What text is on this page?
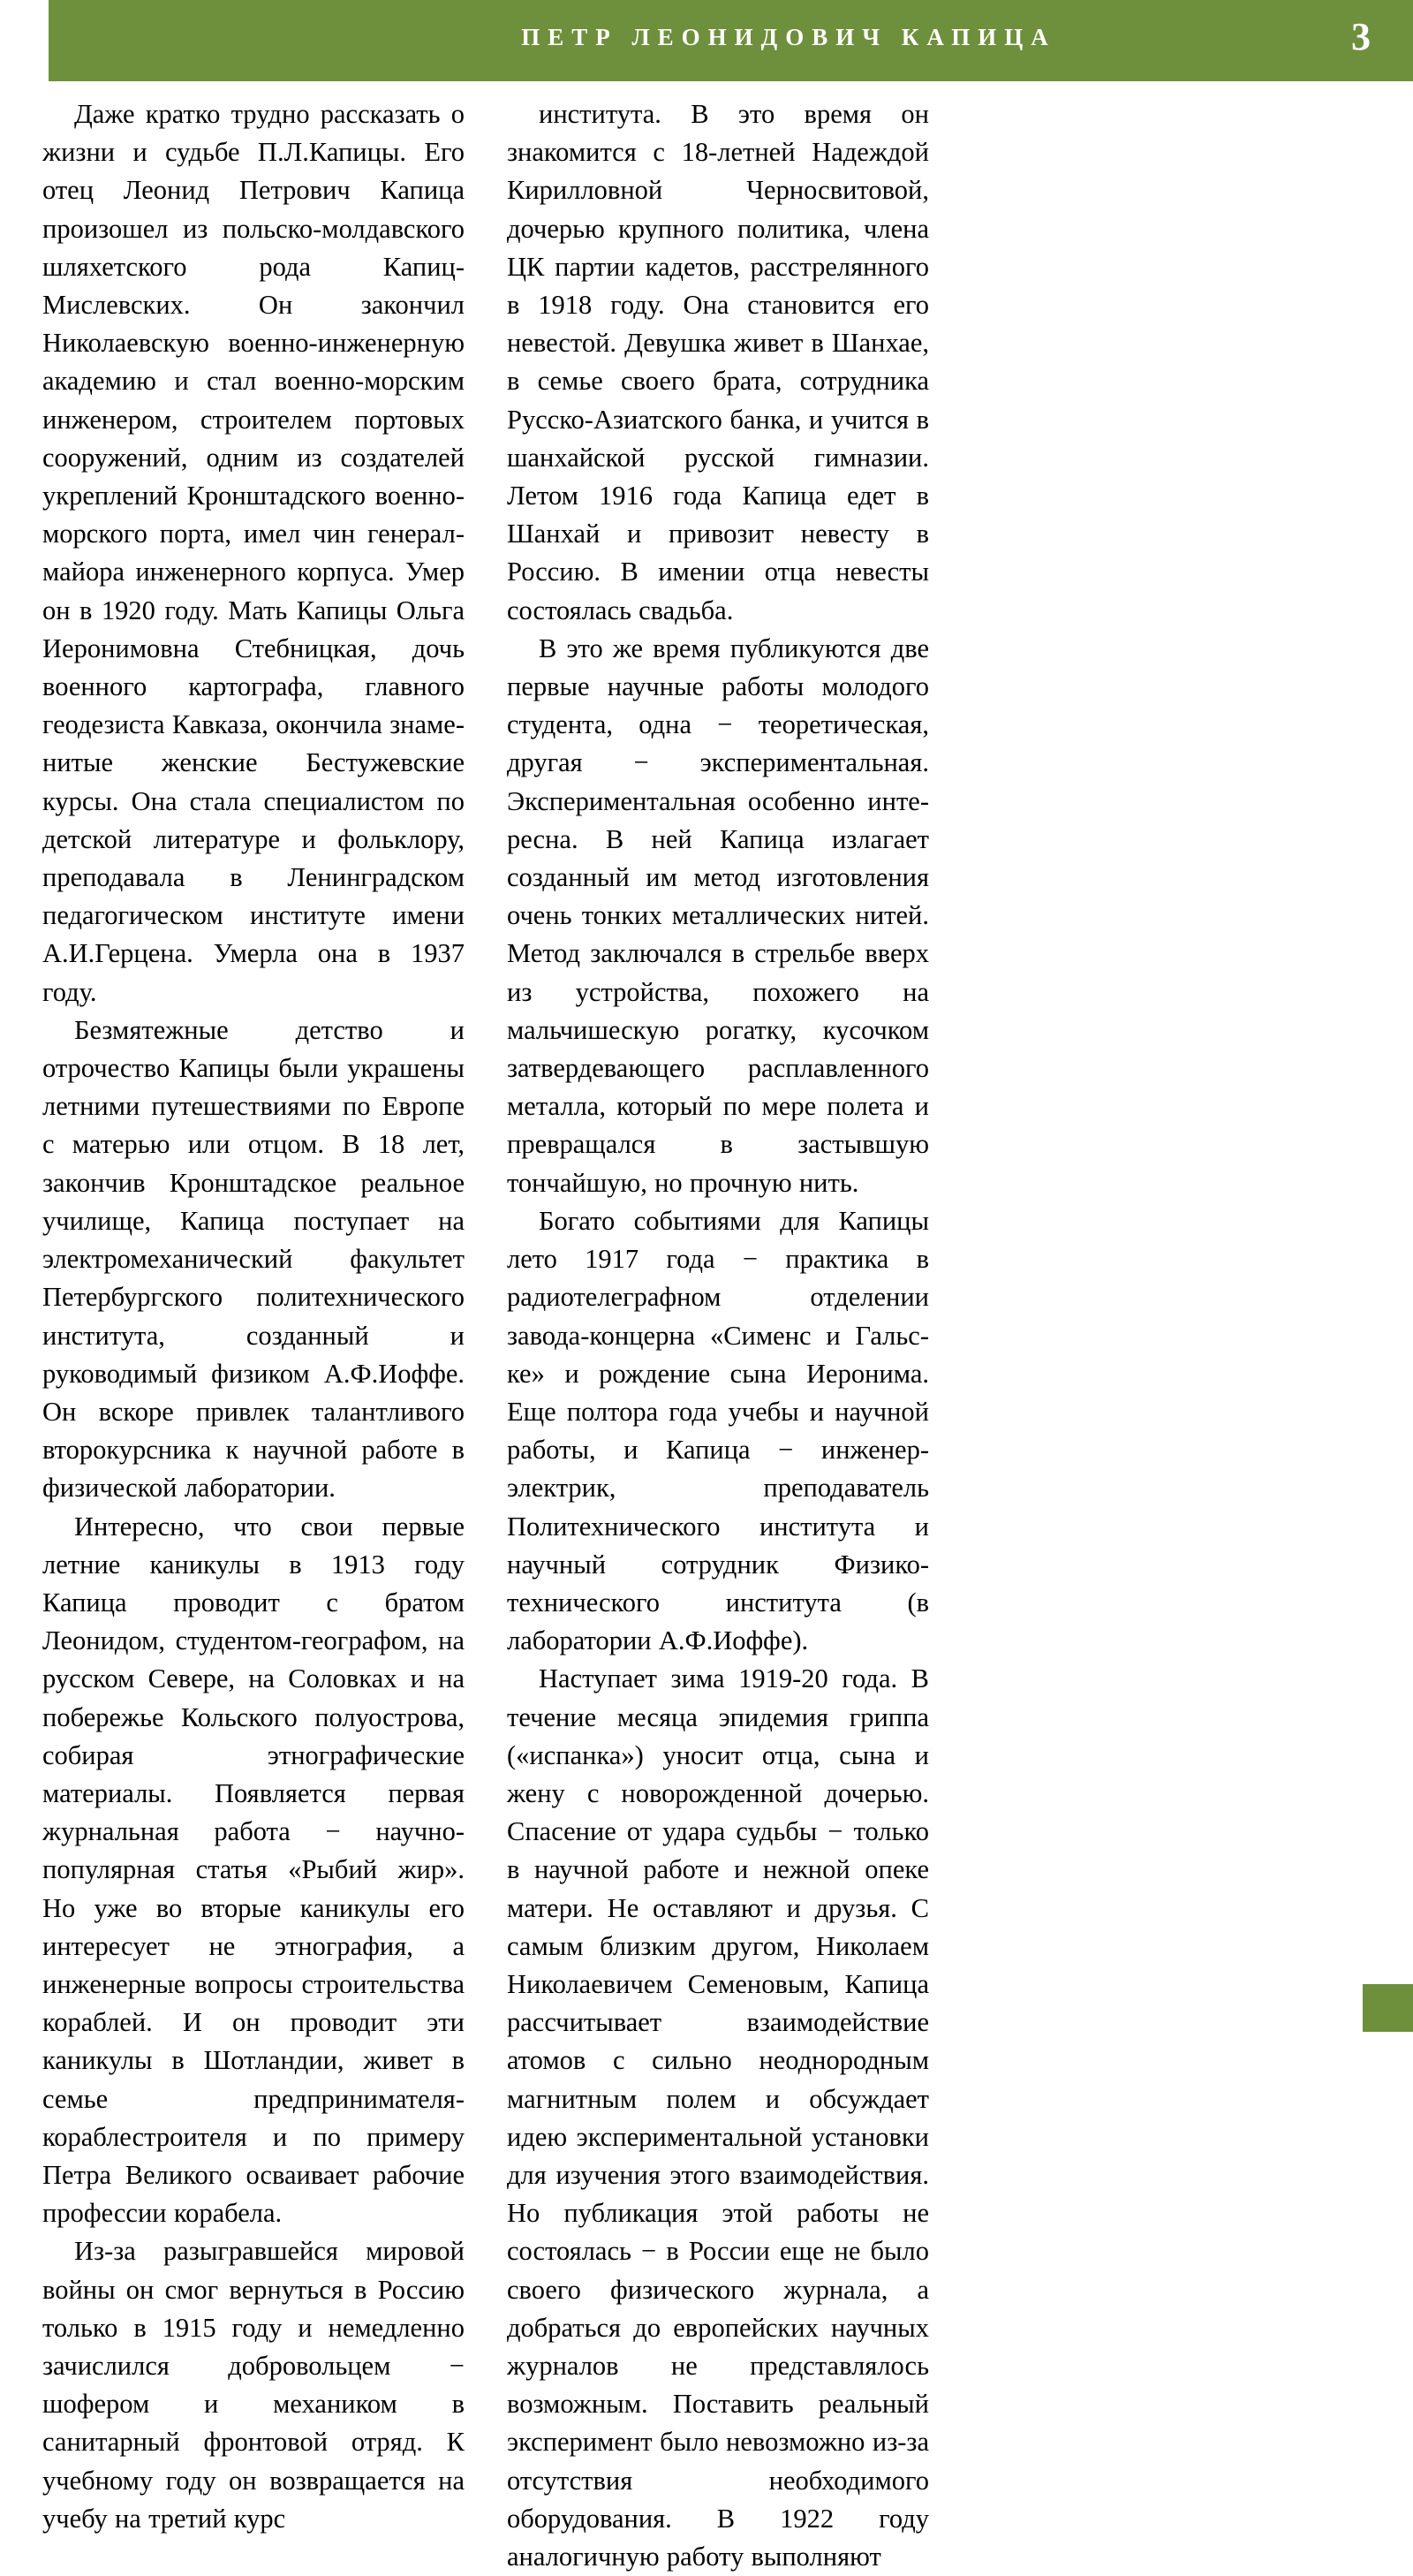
ПЕТР ЛЕОНИДОВИЧ КАПИЦА	3

Даже кратко трудно рассказать о жизни и судьбе П.Л.Капицы. Его отец Леонид Петрович Капица произошел из польско-молдавского шляхетского рода Капиц-Мислевских. Он закончил Николаевскую военно-инженерную академию и стал военно-морским инженером, строителем портовых сооружений, одним из создателей укреплений Кронштадского военно-морского порта, имел чин генерал-майора инженерного корпуса. Умер он в 1920 году. Мать Капицы Ольга Иеронимовна Стебницкая, дочь военного картографа, главного геодезиста Кавказа, окончила знаменитые женские Бестужевские курсы. Она стала специалистом по детской литературе и фольклору, преподавала в Ленинградском педагогическом институте имени А.И.Герцена. Умерла она в 1937 году.

Безмятежные детство и отрочество Капицы были украшены летними путешествиями по Европе с матерью или отцом. В 18 лет, закончив Кронштадское реальное училище, Капица поступает на электромеханический факультет Петербургского политехнического института, созданный и руководимый физиком А.Ф.Иоффе. Он вскоре привлек талантливого второкурсника к научной работе в физической лаборатории.

Интересно, что свои первые летние каникулы в 1913 году Капица проводит с братом Леонидом, студентом-географом, на русском Севере, на Соловках и на побережье Кольского полуострова, собирая этнографические материалы. Появляется первая журнальная работа − научно-популярная статья «Рыбий жир». Но уже во вторые каникулы его интересует не этнография, а инженерные вопросы строительства кораблей. И он проводит эти каникулы в Шотландии, живет в семье предпринимателя-кораблестроителя и по примеру Петра Великого осваивает рабочие профессии корабела.

Из-за разыгравшейся мировой войны он смог вернуться в Россию только в 1915 году и немедленно зачислился добровольцем − шофером и механиком в санитарный фронтовой отряд. К учебному году он возвращается на учебу на третий курс

института. В это время он знакомится с 18-летней Надеждой Кирилловной Черносвитовой, дочерью крупного политика, члена ЦК партии кадетов, расстрелянного в 1918 году. Она становится его невестой. Девушка живет в Шанхае, в семье своего брата, сотрудника Русско-Азиатского банка, и учится в шанхайской русской гимназии. Летом 1916 года Капица едет в Шанхай и привозит невесту в Россию. В имении отца невесты состоялась свадьба.

В это же время публикуются две первые научные работы молодого студента, одна − теоретическая, другая − экспериментальная. Экспериментальная особенно интересна. В ней Капица излагает созданный им метод изготовления очень тонких металлических нитей. Метод заключался в стрельбе вверх из устройства, похожего на мальчишескую рогатку, кусочком затвердевающего расплавленного металла, который по мере полета и превращался в застывшую тончайшую, но прочную нить.

Богато событиями для Капицы лето 1917 года − практика в радиотелеграфном отделении завода-концерна «Сименс и Гальске» и рождение сына Иеронима. Еще полтора года учебы и научной работы, и Капица − инженер-электрик, преподаватель Политехнического института и научный сотрудник Физико-технического института (в лаборатории А.Ф.Иоффе).

Наступает зима 1919-20 года. В течение месяца эпидемия гриппа («испанка») уносит отца, сына и жену с новорожденной дочерью. Спасение от удара судьбы − только в научной работе и нежной опеке матери. Не оставляют и друзья. С самым близким другом, Николаем Николаевичем Семеновым, Капица рассчитывает взаимодействие атомов с сильно неоднородным магнитным полем и обсуждает идею экспериментальной установки для изучения этого взаимодействия. Но публикация этой работы не состоялась − в России еще не было своего физического журнала, а добраться до европейских научных журналов не представлялось возможным. Поставить реальный эксперимент было невозможно из-за отсутствия необходимого оборудования. В 1922 году аналогичную работу выполняют
